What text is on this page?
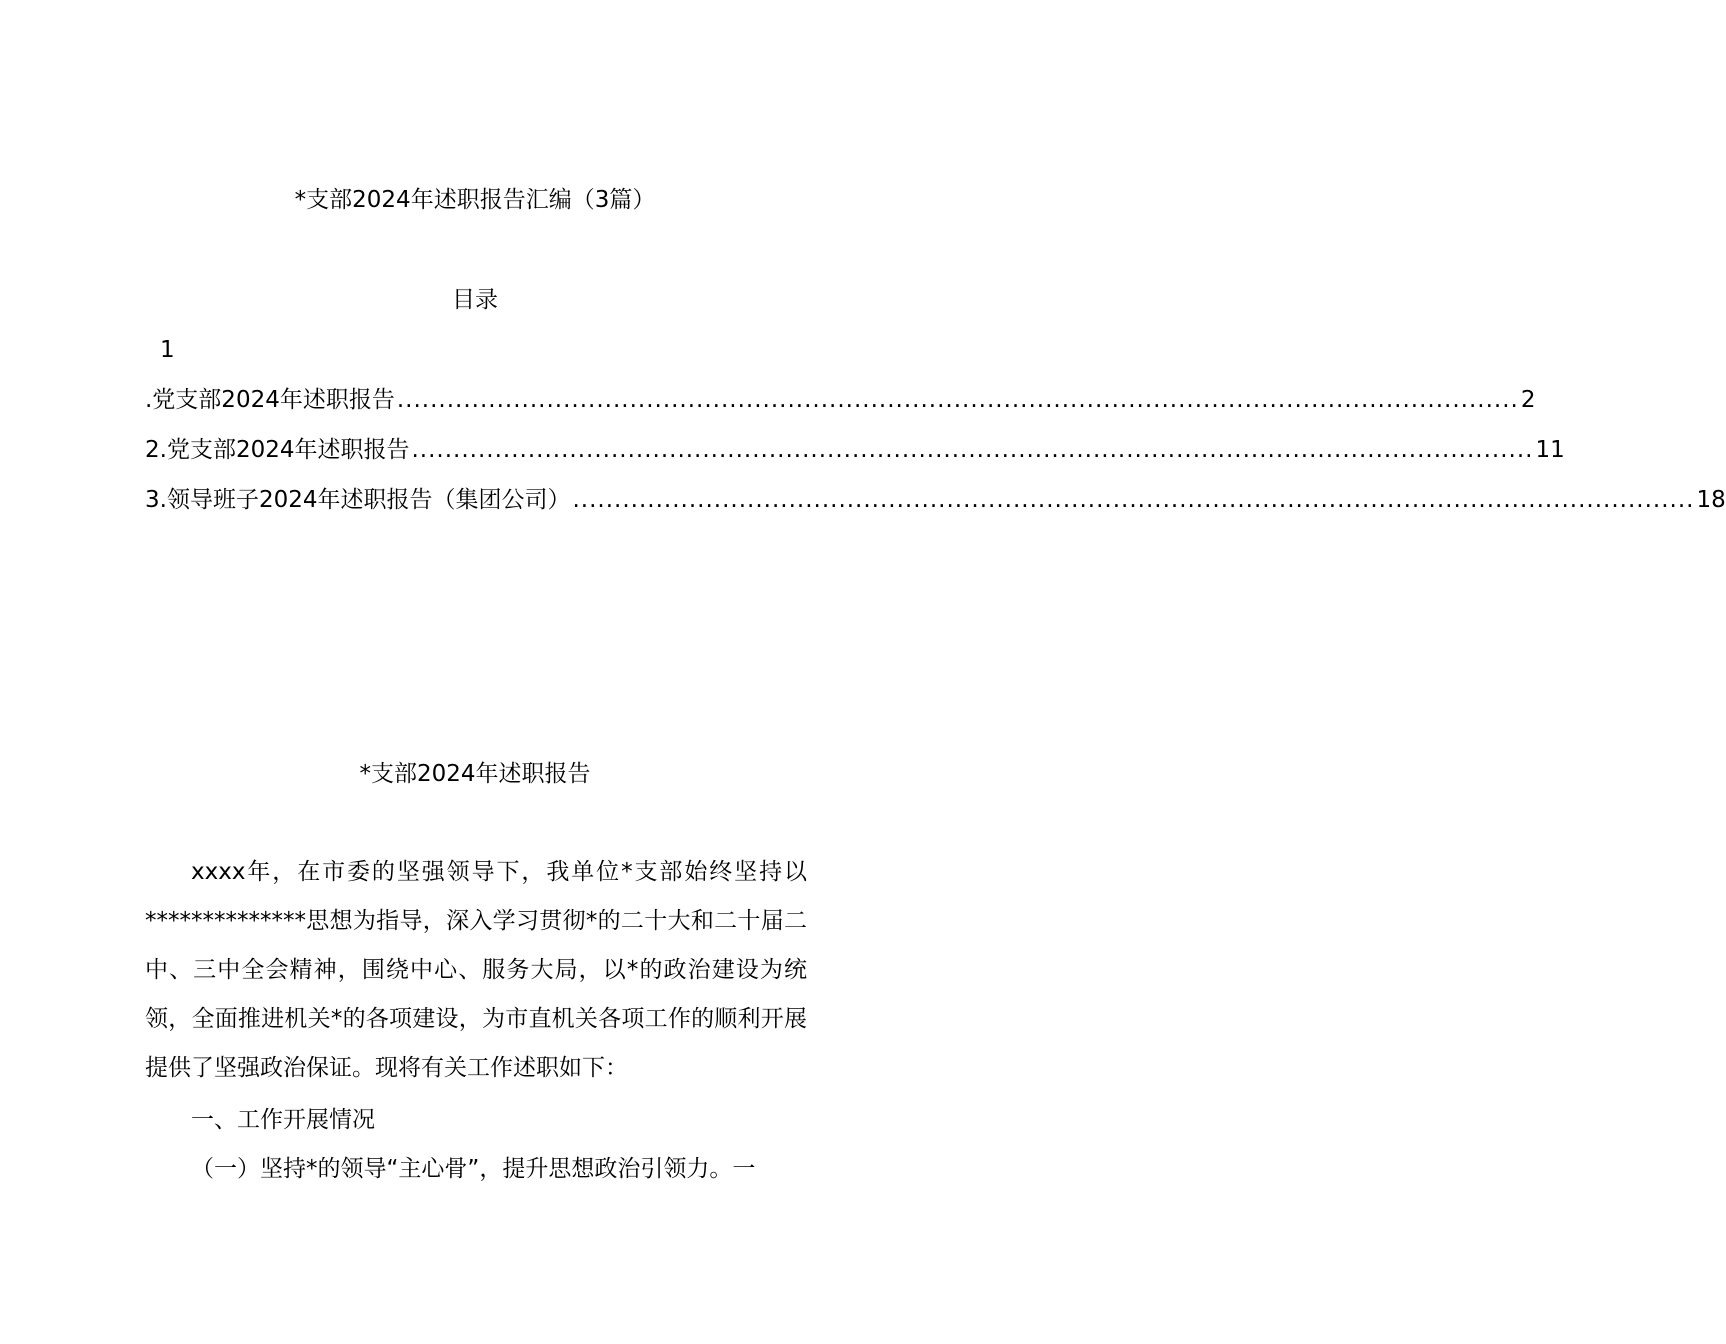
*支部2024年述职报告汇编（3篇）
目录
1
.党支部2024年述职报告 ....................................................................................................................................... 2
2.党支部2024年述职报告 ....................................................................................................................................... 11
3.领导班子2024年述职报告（集团公司） ....................................................................................................................................... 18
*支部2024年述职报告
xxxx年，在市委的坚强领导下，我单位*支部始终坚持以**************思想为指导，深入学习贯彻*的二十大和二十届二中、三中全会精神，围绕中心、服务大局，以*的政治建设为统领，全面推进机关*的各项建设，为市直机关各项工作的顺利开展提供了坚强政治保证。现将有关工作述职如下：
一、工作开展情况
（一）坚持*的领导“主心骨”，提升思想政治引领力。一
